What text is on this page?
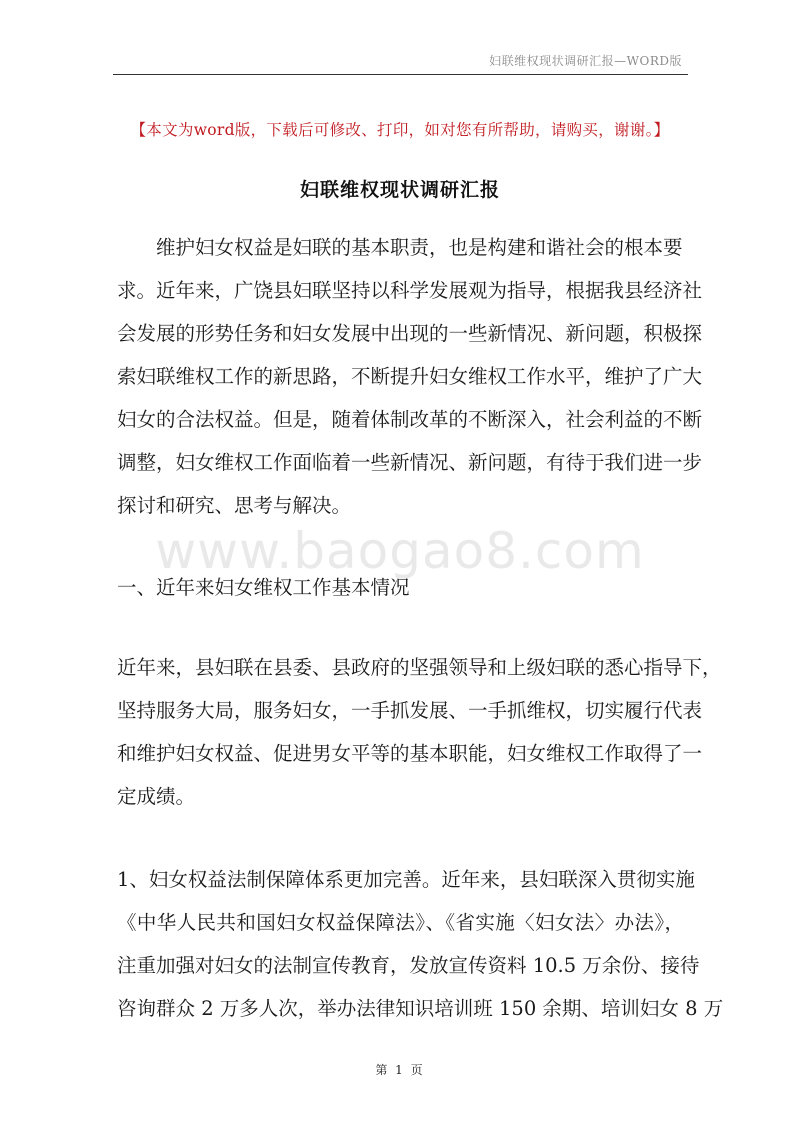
妇联维权现状调研汇报—WORD版
【本文为word版，下载后可修改、打印，如对您有所帮助，请购买，谢谢。】
妇联维权现状调研汇报
维护妇女权益是妇联的基本职责，也是构建和谐社会的根本要
求。近年来，广饶县妇联坚持以科学发展观为指导，根据我县经济社
会发展的形势任务和妇女发展中出现的一些新情况、新问题，积极探
索妇联维权工作的新思路，不断提升妇女维权工作水平，维护了广大
妇女的合法权益。但是，随着体制改革的不断深入，社会利益的不断
调整，妇女维权工作面临着一些新情况、新问题，有待于我们进一步
探讨和研究、思考与解决。
www.baogao8.com
一、近年来妇女维权工作基本情况
近年来，县妇联在县委、县政府的坚强领导和上级妇联的悉心指导下，
坚持服务大局，服务妇女，一手抓发展、一手抓维权，切实履行代表
和维护妇女权益、促进男女平等的基本职能，妇女维权工作取得了一
定成绩。
1、妇女权益法制保障体系更加完善。近年来，县妇联深入贯彻实施
《中华人民共和国妇女权益保障法》、《省实施〈妇女法〉办法》，
注重加强对妇女的法制宣传教育，发放宣传资料 10.5 万余份、接待
咨询群众 2 万多人次，举办法律知识培训班 150 余期、培训妇女 8 万
第 1 页
